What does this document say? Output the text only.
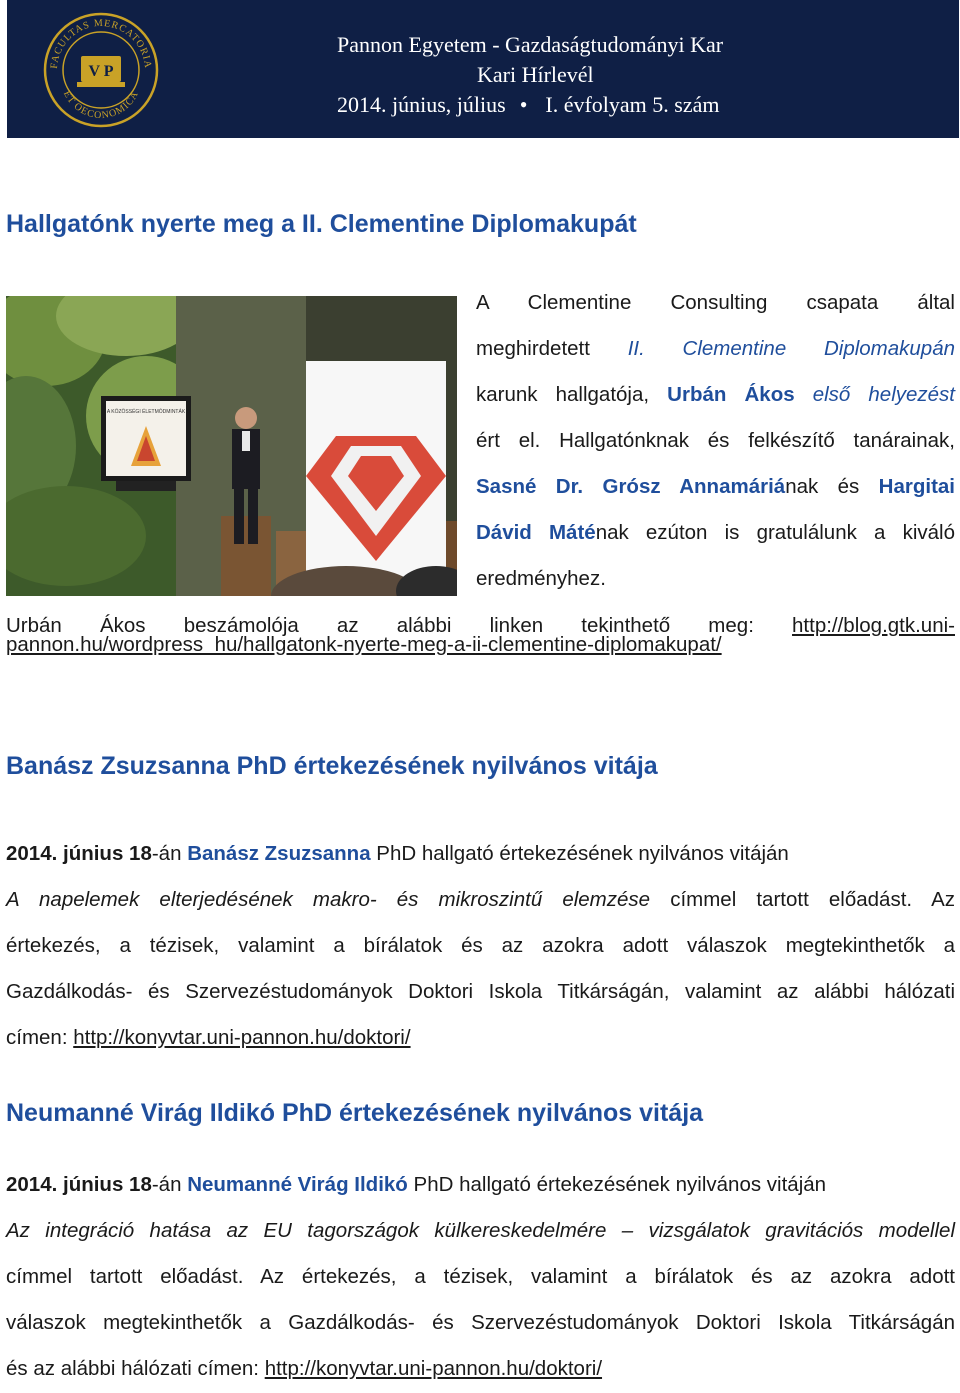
FACULTAS MERCATORIA
ET OECONOMICA
V P
Pannon Egyetem - Gazdaságtudományi Kar
Kari Hírlevél
2014. június, július • I. évfolyam 5. szám
Hallgatónk nyerte meg a II. Clementine Diplomakupát
A KÖZÖSSÉGI ÉLETMÓDMINTÁK

A Clementine Consulting csapata által

meghirdetett II. Clementine Diplomakupán

karunk hallgatója, Urbán Ákos első helyezést

ért el. Hallgatónknak és felkészítő tanárainak,

Sasné Dr. Grósz Annamáriának és Hargitai

Dávid Máténak ezúton is gratulálunk a kiváló

eredményhez.

Urbán Ákos beszámolója az alábbi linken tekinthető meg: http://blog.gtk.uni-

pannon.hu/wordpress_hu/hallgatonk-nyerte-meg-a-ii-clementine-diplomakupat/

Banász Zsuzsanna PhD értekezésének nyilvános vitája

2014. június 18-án Banász Zsuzsanna PhD hallgató értekezésének nyilvános vitáján

A napelemek elterjedésének makro- és mikroszintű elemzése címmel tartott előadást. Az

értekezés, a tézisek, valamint a bírálatok és az azokra adott válaszok megtekinthetők a

Gazdálkodás- és Szervezéstudományok Doktori Iskola Titkárságán, valamint az alábbi hálózati

címen: http://konyvtar.uni-pannon.hu/doktori/

Neumanné Virág Ildikó PhD értekezésének nyilvános vitája

2014. június 18-án Neumanné Virág Ildikó PhD hallgató értekezésének nyilvános vitáján

Az integráció hatása az EU tagországok külkereskedelmére – vizsgálatok gravitációs modellel

címmel tartott előadást. Az értekezés, a tézisek, valamint a bírálatok és az azokra adott

válaszok megtekinthetők a Gazdálkodás- és Szervezéstudományok Doktori Iskola Titkárságán

és az alábbi hálózati címen: http://konyvtar.uni-pannon.hu/doktori/
